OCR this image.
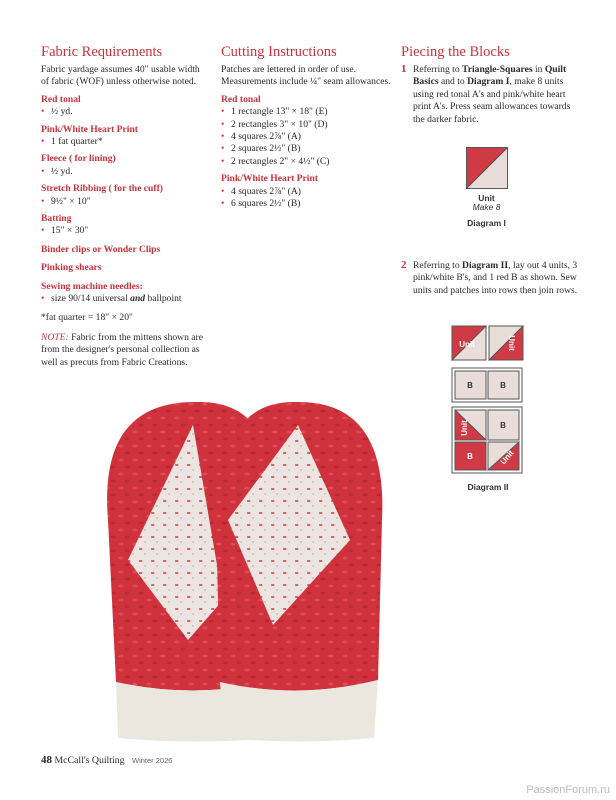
Fabric Requirements

Fabric yardage assumes 40" usable width of fabric (WOF) unless otherwise noted.

Red tonal
• ½ yd.
Pink/White Heart Print
• 1 fat quarter*
Fleece ( for lining)
• ½ yd.
Stretch Ribbing ( for the cuff)
• 9½" × 10"
Batting
• 15" × 30"
Binder clips or Wonder Clips
Pinking shears
Sewing machine needles:
• size 90/14 universal and ballpoint

*fat quarter = 18" × 20"

NOTE: Fabric from the mittens shown are from the designer's personal collection as well as precuts from Fabric Creations.

Cutting Instructions

Patches are lettered in order of use. Measurements include ¼" seam allowances.

Red tonal
• 1 rectangle 13" × 18" (E)
• 2 rectangles 3" × 10" (D)
• 4 squares 2⅞" (A)
• 2 squares 2½" (B)
• 2 rectangles 2" × 4½" (C)
Pink/White Heart Print
• 4 squares 2⅞" (A)
• 6 squares 2½" (B)
Piecing the Blocks
1 Referring to Triangle-Squares in Quilt Basics and to Diagram I, make 8 units using red tonal A's and pink/white heart print A's. Press seam allowances towards the darker fabric.
Unit
Make 8
Diagram I
2 Referring to Diagram II, lay out 4 units, 3 pink/white B's, and 1 red B as shown. Sew units and patches into rows then join rows.
Unit	Unit
B	B
Unit	B
B	Unit
Diagram II
48 McCall's Quilting Winter 2026
PassionForum.ru
